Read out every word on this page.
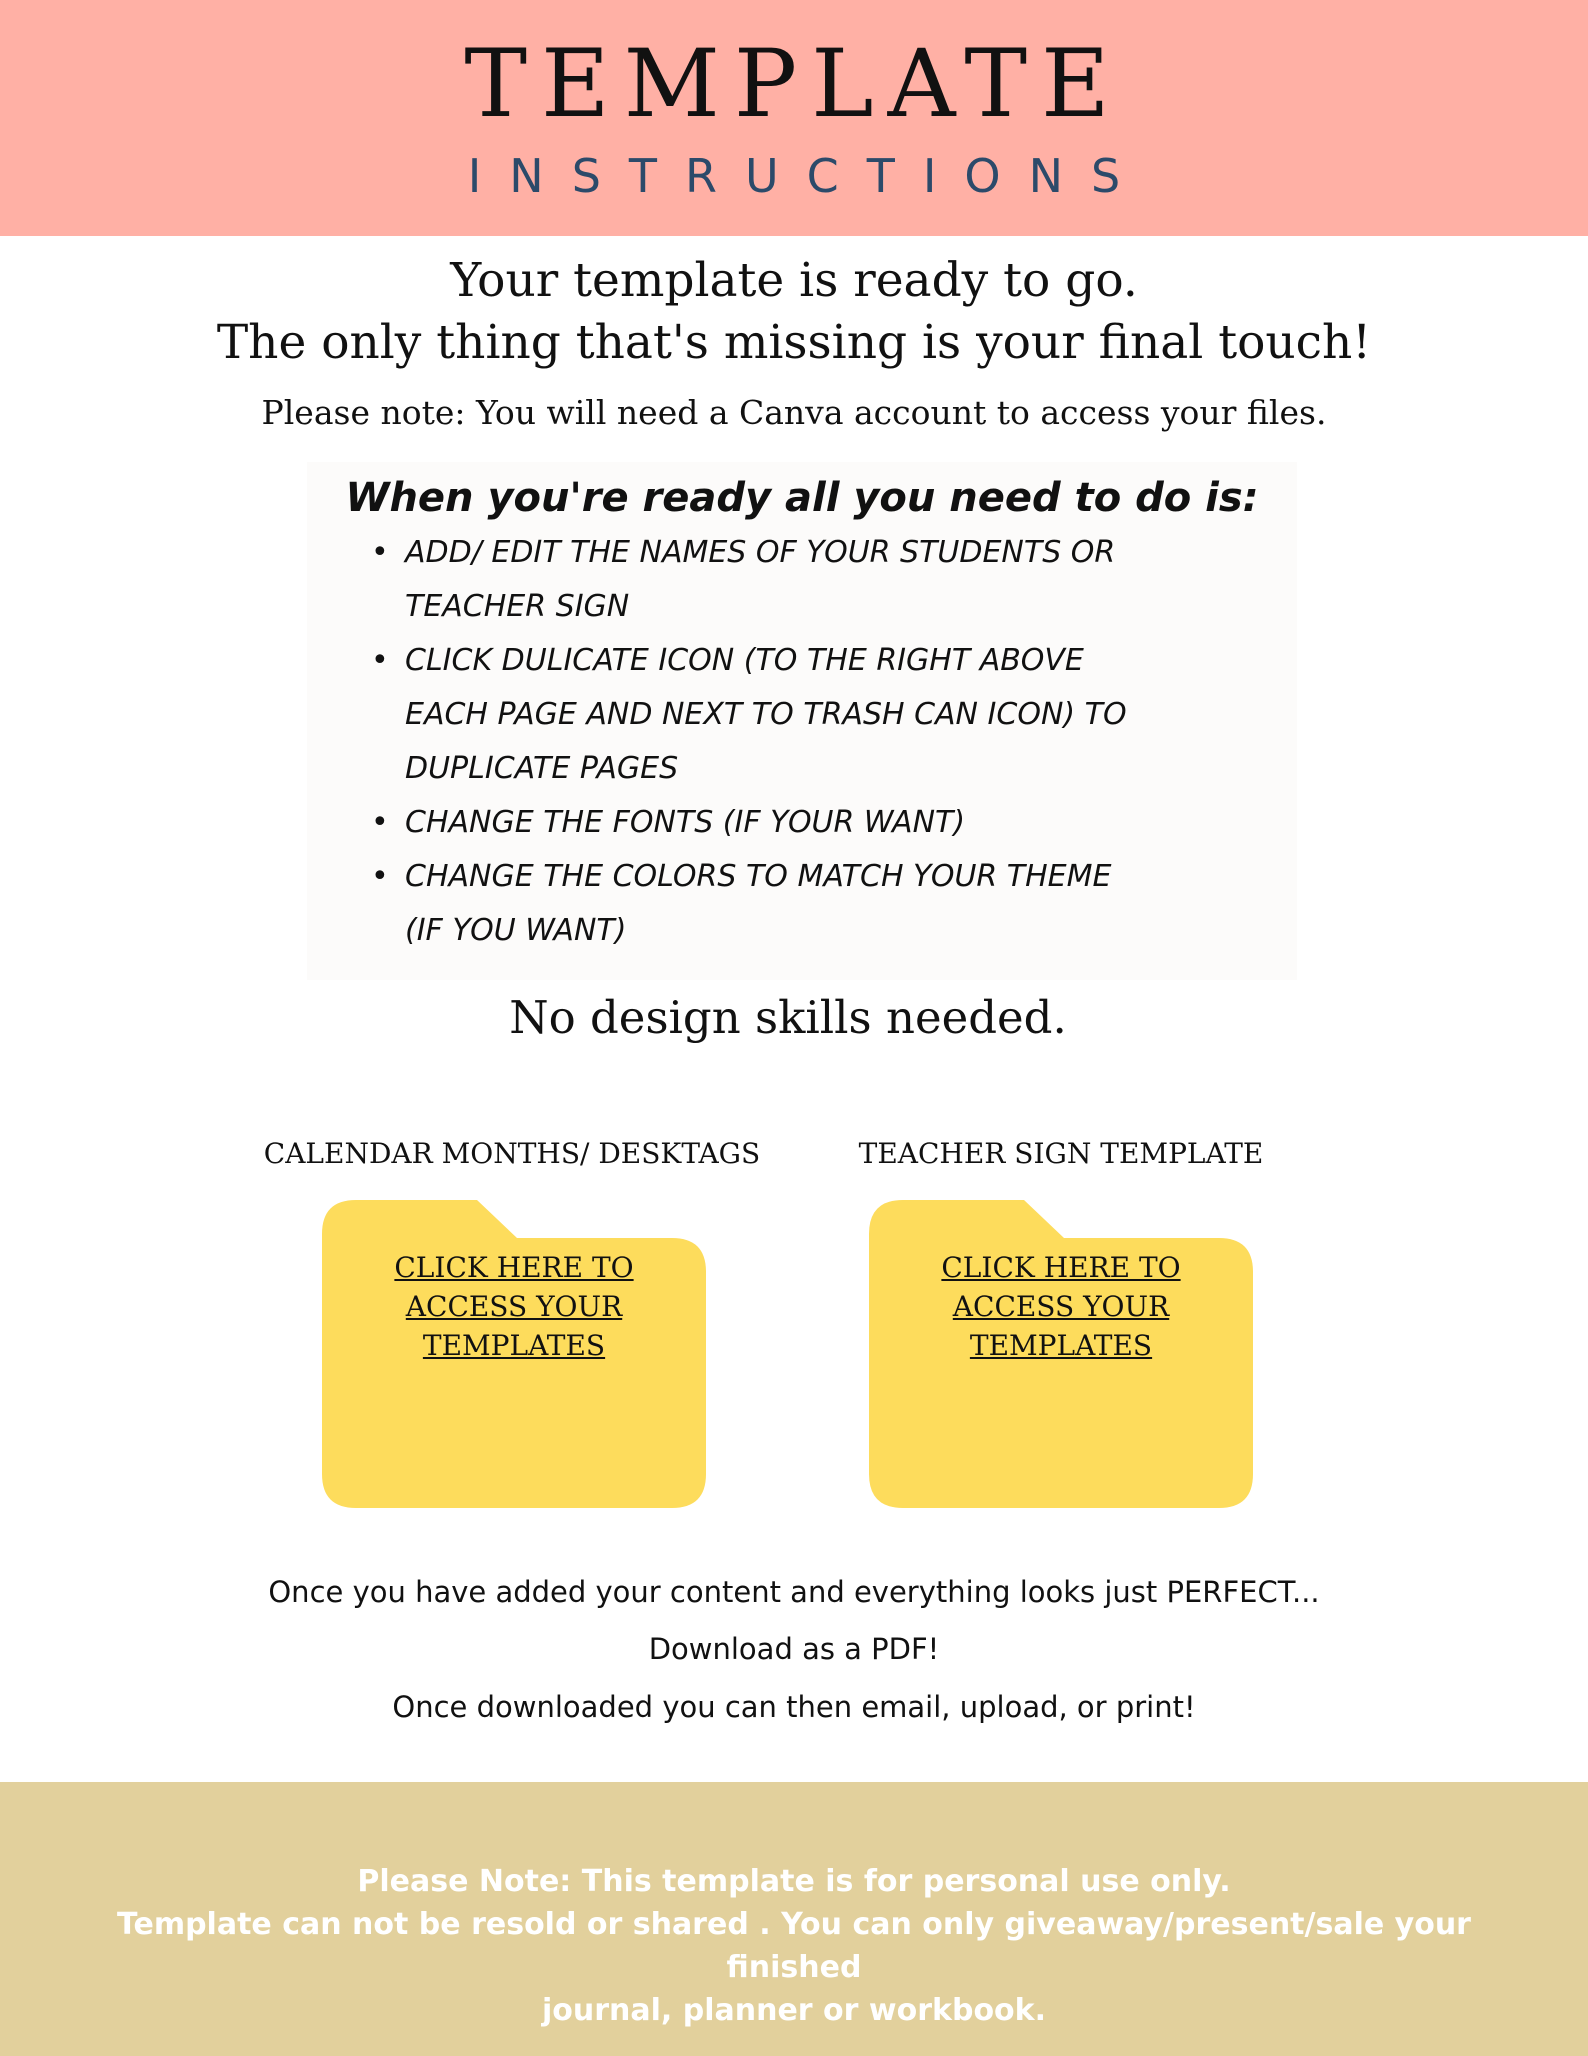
TEMPLATE
INSTRUCTIONS
Your template is ready to go.
The only thing that's missing is your final touch!
Please note: You will need a Canva account to access your files.
When you're ready all you need to do is:
• ADD/ EDIT THE NAMES OF YOUR STUDENTS OR
TEACHER SIGN
• CLICK DULICATE ICON (TO THE RIGHT ABOVE
EACH PAGE AND NEXT TO TRASH CAN ICON) TO
DUPLICATE PAGES
• CHANGE THE FONTS (IF YOUR WANT)
• CHANGE THE COLORS TO MATCH YOUR THEME
(IF YOU WANT)
No design skills needed.
CALENDAR MONTHS/ DESKTAGS	TEACHER SIGN TEMPLATE
CLICK HERE TO
ACCESS YOUR
TEMPLATES
CLICK HERE TO
ACCESS YOUR
TEMPLATES
Once you have added your content and everything looks just PERFECT...
Download as a PDF!
Once downloaded you can then email, upload, or print!
Please Note: This template is for personal use only.
Template can not be resold or shared . You can only giveaway/present/sale your finished
journal, planner or workbook.
